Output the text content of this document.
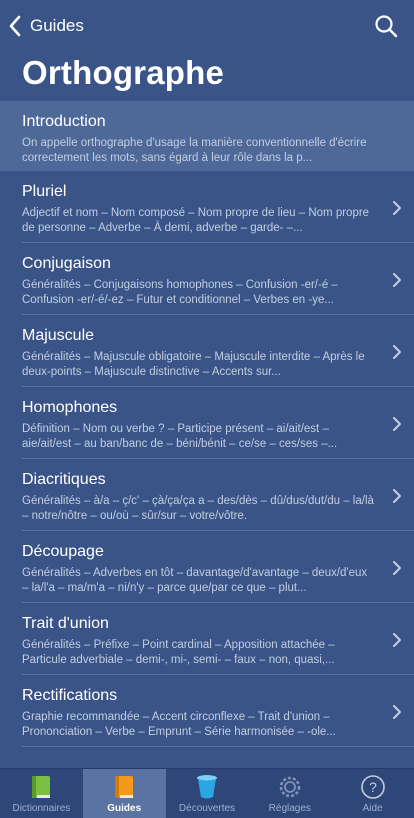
Guides
Orthographe
Introduction
On appelle orthographe d'usage la manière conventionnelle d'écrire correctement les mots, sans égard à leur rôle dans la p...
Pluriel
Adjectif et nom – Nom composé – Nom propre de lieu – Nom propre de personne – Adverbe – À demi, adverbe – garde- –...
Conjugaison
Généralités – Conjugaisons homophones – Confusion -er/-é – Confusion -er/-é/-ez – Futur et conditionnel – Verbes en -ye...
Majuscule
Généralités – Majuscule obligatoire – Majuscule interdite – Après le deux-points – Majuscule distinctive – Accents sur...
Homophones
Définition – Nom ou verbe ? – Participe présent – ai/ait/est – aie/ait/est – au ban/banc de – béni/bénit – ce/se – ces/ses –...
Diacritiques
Généralités – à/a – ç/c' – çà/ça/ça a – des/dès – dû/dus/dut/du – la/là – notre/nôtre – ou/où – sûr/sur – votre/vôtre.
Découpage
Généralités – Adverbes en tôt – davantage/d'avantage – deux/d'eux – la/l'a – ma/m'a – ni/n'y – parce que/par ce que – plut...
Trait d'union
Généralités – Préfixe – Point cardinal – Apposition attachée – Particule adverbiale – demi-, mi-, semi- – faux – non, quasi,...
Rectifications
Graphie recommandée – Accent circonflexe – Trait d'union – Prononciation – Verbe – Emprunt – Série harmonisée – -ole...
Dictionnaires	Guides	Découvertes	Réglages
?
Aide
